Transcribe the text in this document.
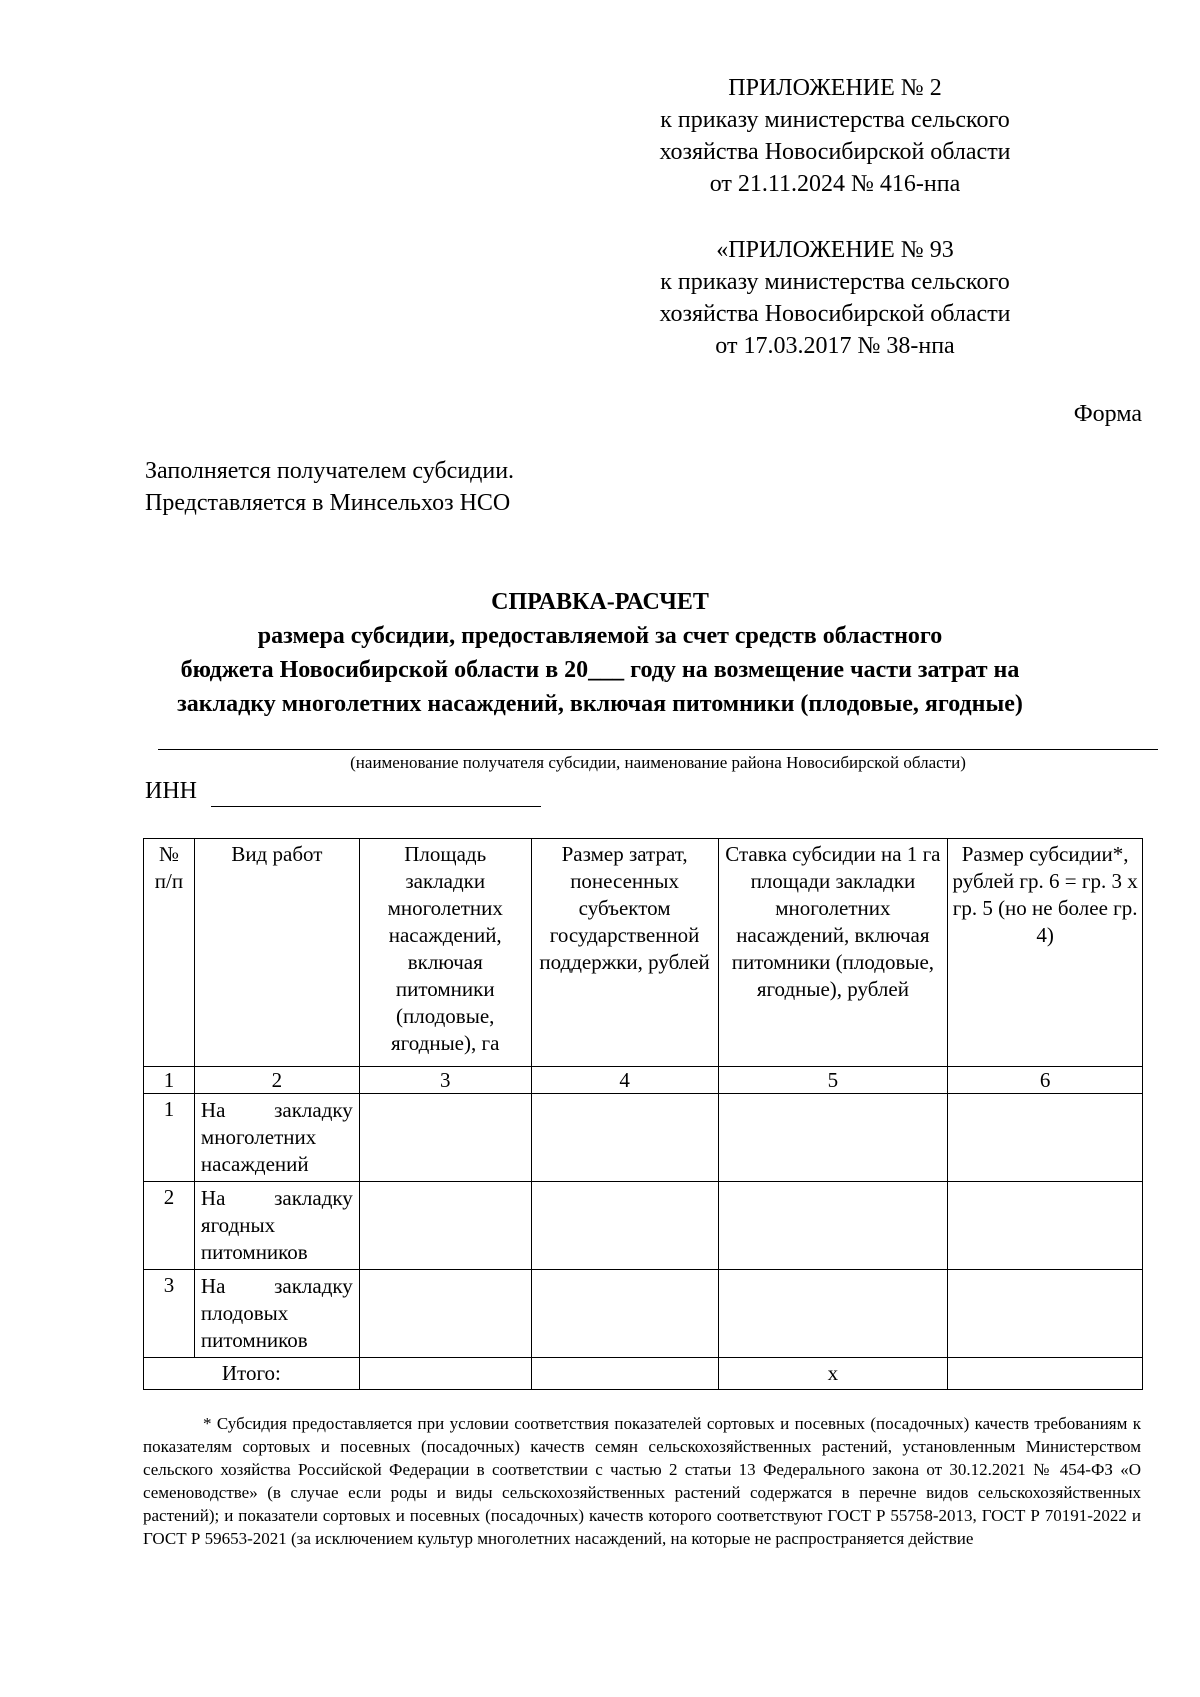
ПРИЛОЖЕНИЕ № 2
к приказу министерства сельского
хозяйства Новосибирской области
от 21.11.2024 № 416-нпа
«ПРИЛОЖЕНИЕ № 93
к приказу министерства сельского
хозяйства Новосибирской области
от 17.03.2017 № 38-нпа
Форма
Заполняется получателем субсидии.
Представляется в Минсельхоз НСО
СПРАВКА-РАСЧЕТ
размера субсидии, предоставляемой за счет средств областного
бюджета Новосибирской области в 20___ году на возмещение части затрат на
закладку многолетних насаждений, включая питомники (плодовые, ягодные)
(наименование получателя субсидии, наименование района Новосибирской области)
ИНН
№ п/п	Вид работ	Площадь закладки многолетних насаждений, включая питомники (плодовые, ягодные), га	Размер затрат, понесенных субъектом государственной поддержки, рублей	Ставка субсидии на 1 га площади закладки многолетних насаждений, включая питомники (плодовые, ягодные), рублей	Размер субсидии*, рублей гр. 6 = гр. 3 х гр. 5 (но не более гр. 4)
1	2	3	4	5	6
1	На закладку многолетних насаждений				
2	На закладку ягодных питомников				
3	На закладку плодовых питомников				
Итого:				х	
* Субсидия предоставляется при условии соответствия показателей сортовых и посевных (посадочных) качеств требованиям к показателям сортовых и посевных (посадочных) качеств семян сельскохозяйственных растений, установленным Министерством сельского хозяйства Российской Федерации в соответствии с частью 2 статьи 13 Федерального закона от 30.12.2021 № 454-ФЗ «О семеноводстве» (в случае если роды и виды сельскохозяйственных растений содержатся в перечне видов сельскохозяйственных растений); и показатели сортовых и посевных (посадочных) качеств которого соответствуют ГОСТ Р 55758-2013, ГОСТ Р 70191-2022 и ГОСТ Р 59653-2021 (за исключением культур многолетних насаждений, на которые не распространяется действие
